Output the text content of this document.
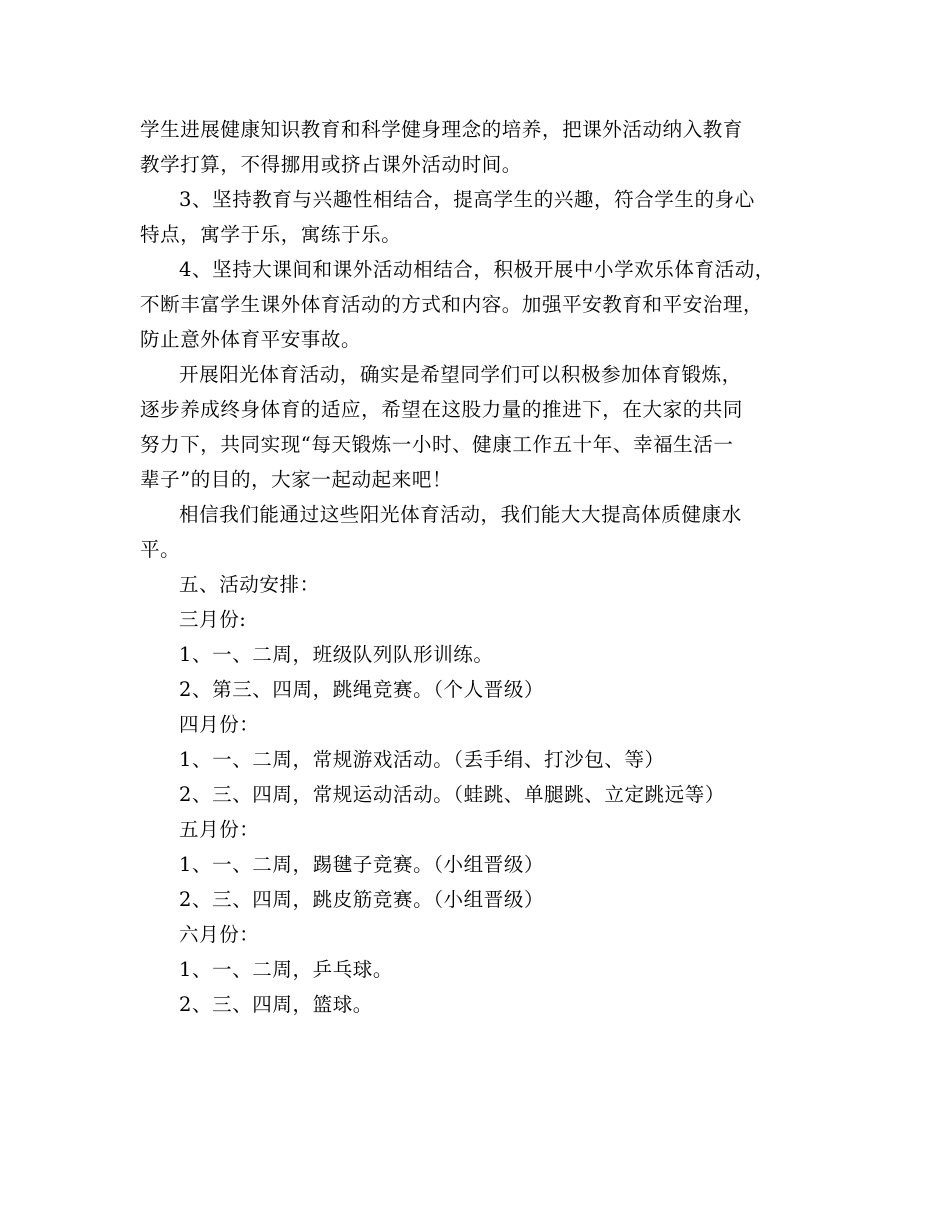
学生进展健康知识教育和科学健身理念的培养，把课外活动纳入教育
教学打算，不得挪用或挤占课外活动时间。
3、坚持教育与兴趣性相结合，提高学生的兴趣，符合学生的身心
特点，寓学于乐，寓练于乐。
4、坚持大课间和课外活动相结合，积极开展中小学欢乐体育活动，
不断丰富学生课外体育活动的方式和内容。加强平安教育和平安治理，
防止意外体育平安事故。
开展阳光体育活动，确实是希望同学们可以积极参加体育锻炼，
逐步养成终身体育的适应，希望在这股力量的推进下，在大家的共同
努力下，共同实现“每天锻炼一小时、健康工作五十年、幸福生活一
辈子”的目的，大家一起动起来吧！
相信我们能通过这些阳光体育活动，我们能大大提高体质健康水
平。
五、活动安排：
三月份:
1、一、二周，班级队列队形训练。
2、第三、四周，跳绳竞赛。（个人晋级）
四月份：
1、一、二周，常规游戏活动。（丢手绢、打沙包、等）
2、三、四周，常规运动活动。（蛙跳、单腿跳、立定跳远等）
五月份：
1、一、二周，踢毽子竞赛。（小组晋级）
2、三、四周，跳皮筋竞赛。（小组晋级）
六月份：
1、一、二周，乒乓球。
2、三、四周，篮球。
